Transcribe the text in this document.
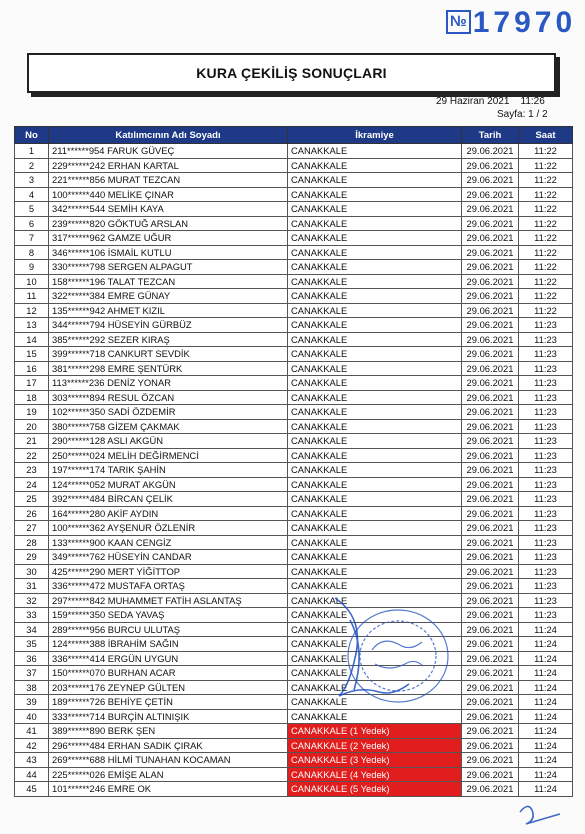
№ 17970
KURA ÇEKİLİŞ SONUÇLARI
29 Haziran 2021 11:26
Sayfa: 1 / 2
No	Katılımcının Adı Soyadı	İkramiye	Tarih	Saat
1	211******954 FARUK GÜVEÇ	CANAKKALE	29.06.2021	11:22
2	229******242 ERHAN KARTAL	CANAKKALE	29.06.2021	11:22
3	221******856 MURAT TEZCAN	CANAKKALE	29.06.2021	11:22
4	100******440 MELİKE ÇINAR	CANAKKALE	29.06.2021	11:22
5	342******544 SEMİH KAYA	CANAKKALE	29.06.2021	11:22
6	239******820 GÖKTUĞ ARSLAN	CANAKKALE	29.06.2021	11:22
7	317******962 GAMZE UĞUR	CANAKKALE	29.06.2021	11:22
8	346******106 İSMAİL KUTLU	CANAKKALE	29.06.2021	11:22
9	330******798 SERGEN ALPAGUT	CANAKKALE	29.06.2021	11:22
10	158******196 TALAT TEZCAN	CANAKKALE	29.06.2021	11:22
11	322******384 EMRE GÜNAY	CANAKKALE	29.06.2021	11:22
12	135******942 AHMET KIZIL	CANAKKALE	29.06.2021	11:22
13	344******794 HÜSEYİN GÜRBÜZ	CANAKKALE	29.06.2021	11:23
14	385******292 SEZER KIRAŞ	CANAKKALE	29.06.2021	11:23
15	399******718 CANKURT SEVDİK	CANAKKALE	29.06.2021	11:23
16	381******298 EMRE ŞENTÜRK	CANAKKALE	29.06.2021	11:23
17	113******236 DENİZ YONAR	CANAKKALE	29.06.2021	11:23
18	303******894 RESUL ÖZCAN	CANAKKALE	29.06.2021	11:23
19	102******350 SADİ ÖZDEMİR	CANAKKALE	29.06.2021	11:23
20	380******758 GİZEM ÇAKMAK	CANAKKALE	29.06.2021	11:23
21	290******128 ASLI AKGÜN	CANAKKALE	29.06.2021	11:23
22	250******024 MELİH DEĞİRMENCİ	CANAKKALE	29.06.2021	11:23
23	197******174 TARIK ŞAHİN	CANAKKALE	29.06.2021	11:23
24	124******052 MURAT AKGÜN	CANAKKALE	29.06.2021	11:23
25	392******484 BİRCAN ÇELİK	CANAKKALE	29.06.2021	11:23
26	164******280 AKİF AYDIN	CANAKKALE	29.06.2021	11:23
27	100******362 AYŞENUR ÖZLENİR	CANAKKALE	29.06.2021	11:23
28	133******900 KAAN CENGİZ	CANAKKALE	29.06.2021	11:23
29	349******762 HÜSEYİN CANDAR	CANAKKALE	29.06.2021	11:23
30	425******290 MERT YİĞİTTOP	CANAKKALE	29.06.2021	11:23
31	336******472 MUSTAFA ORTAŞ	CANAKKALE	29.06.2021	11:23
32	297******842 MUHAMMET FATİH ASLANTAŞ	CANAKKALE	29.06.2021	11:23
33	159******350 SEDA YAVAŞ	CANAKKALE	29.06.2021	11:23
34	289******956 BURCU ULUTAŞ	CANAKKALE	29.06.2021	11:24
35	124******388 İBRAHİM SAĞIN	CANAKKALE	29.06.2021	11:24
36	336******414 ERGÜN UYGUN	CANAKKALE	29.06.2021	11:24
37	150******070 BURHAN ACAR	CANAKKALE	29.06.2021	11:24
38	203******176 ZEYNEP GÜLTEN	CANAKKALE	29.06.2021	11:24
39	189******726 BEHİYE ÇETİN	CANAKKALE	29.06.2021	11:24
40	333******714 BURÇİN ALTINIŞIK	CANAKKALE	29.06.2021	11:24
41	389******890 BERK ŞEN	CANAKKALE (1 Yedek)	29.06.2021	11:24
42	296******484 ERHAN SADIK ÇIRAK	CANAKKALE (2 Yedek)	29.06.2021	11:24
43	269******688 HİLMİ TUNAHAN KOCAMAN	CANAKKALE (3 Yedek)	29.06.2021	11:24
44	225******026 EMİŞE ALAN	CANAKKALE (4 Yedek)	29.06.2021	11:24
45	101******246 EMRE OK	CANAKKALE (5 Yedek)	29.06.2021	11:24
